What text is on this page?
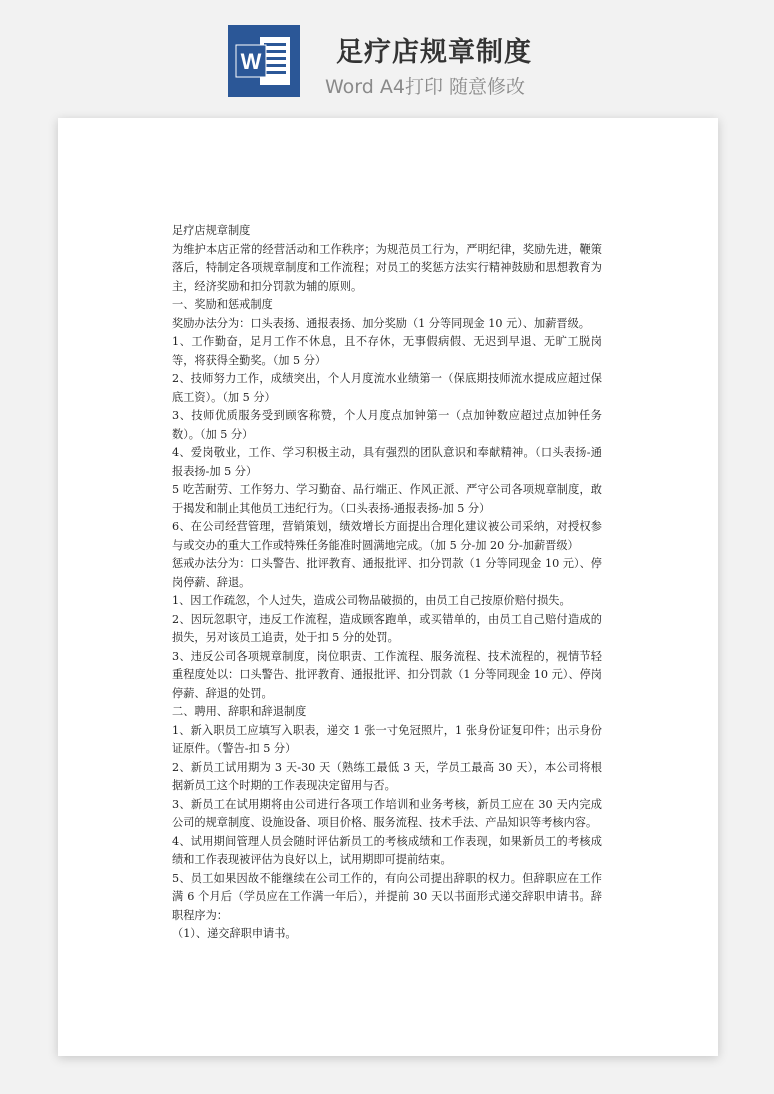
W	足疗店规章制度
Word A4打印 随意修改

足疗店规章制度

为维护本店正常的经营活动和工作秩序；为规范员工行为，严明纪律，奖励先进，鞭策落后，特制定各项规章制度和工作流程；对员工的奖惩方法实行精神鼓励和思想教育为主，经济奖励和扣分罚款为辅的原则。

一、奖励和惩戒制度

奖励办法分为：口头表扬、通报表扬、加分奖励（1 分等同现金 10 元）、加薪晋级。

1、工作勤奋，足月工作不休息，且不存休，无事假病假、无迟到早退、无旷工脱岗等，将获得全勤奖。（加 5 分）

2、技师努力工作，成绩突出，个人月度流水业绩第一（保底期技师流水提成应超过保底工资）。（加 5 分）

3、技师优质服务受到顾客称赞，个人月度点加钟第一（点加钟数应超过点加钟任务数）。（加 5 分）

4、爱岗敬业，工作、学习积极主动，具有强烈的团队意识和奉献精神。（口头表扬-通报表扬-加 5 分）

5 吃苦耐劳、工作努力、学习勤奋、品行端正、作风正派、严守公司各项规章制度，敢于揭发和制止其他员工违纪行为。（口头表扬-通报表扬-加 5 分）

6、在公司经营管理，营销策划，绩效增长方面提出合理化建议被公司采纳，对授权参与或交办的重大工作或特殊任务能准时圆满地完成。（加 5 分-加 20 分-加薪晋级）

惩戒办法分为：口头警告、批评教育、通报批评、扣分罚款（1 分等同现金 10 元）、停岗停薪、辞退。

1、因工作疏忽，个人过失，造成公司物品破损的，由员工自己按原价赔付损失。

2、因玩忽职守，违反工作流程，造成顾客跑单，或买错单的，由员工自己赔付造成的损失，另对该员工追责，处于扣 5 分的处罚。

3、违反公司各项规章制度，岗位职责、工作流程、服务流程、技术流程的，视情节轻重程度处以：口头警告、批评教育、通报批评、扣分罚款（1 分等同现金 10 元）、停岗停薪、辞退的处罚。

二、聘用、辞职和辞退制度

1、新入职员工应填写入职表，递交 1 张一寸免冠照片，1 张身份证复印件；出示身份证原件。（警告-扣 5 分）

2、新员工试用期为 3 天-30 天（熟练工最低 3 天，学员工最高 30 天），本公司将根据新员工这个时期的工作表现决定留用与否。

3、新员工在试用期将由公司进行各项工作培训和业务考核，新员工应在 30 天内完成公司的规章制度、设施设备、项目价格、服务流程、技术手法、产品知识等考核内容。

4、试用期间管理人员会随时评估新员工的考核成绩和工作表现，如果新员工的考核成绩和工作表现被评估为良好以上，试用期即可提前结束。

5、员工如果因故不能继续在公司工作的，有向公司提出辞职的权力。但辞职应在工作满 6 个月后（学员应在工作满一年后），并提前 30 天以书面形式递交辞职申请书。辞职程序为：

（1）、递交辞职申请书。
